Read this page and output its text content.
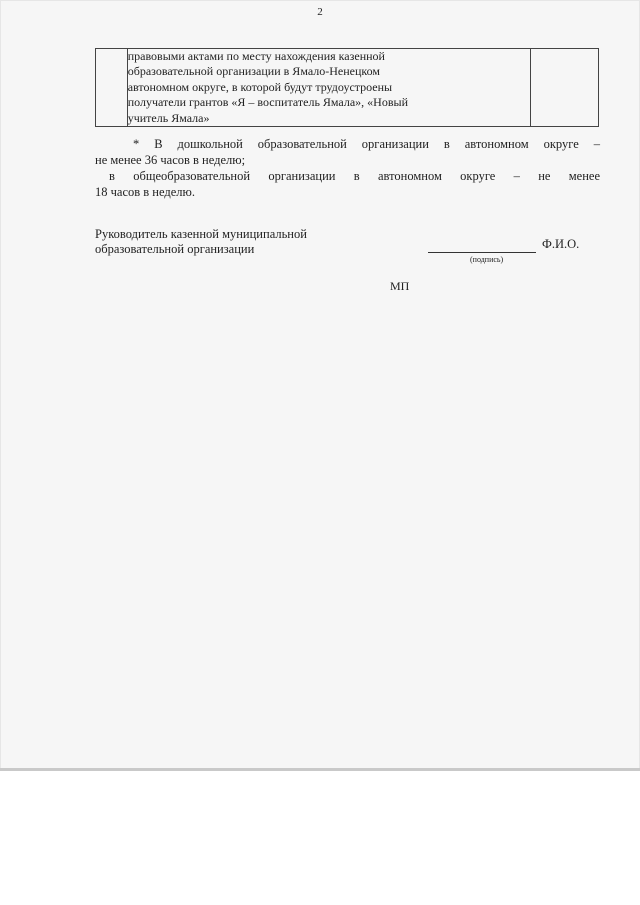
2

правовыми актами по месту нахождения казенной
образовательной организации в Ямало-Ненецком
автономном округе, в которой будут трудоустроены
получатели грантов «Я – воспитатель Ямала», «Новый
учитель Ямала»

* В дошкольной образовательной организации в автономном округе –
не менее 36 часов в неделю;
в общеобразовательной организации в автономном округе – не менее
18 часов в неделю.
Руководитель казенной муниципальной
образовательной организации	Ф.И.О.
(подпись)
МП
